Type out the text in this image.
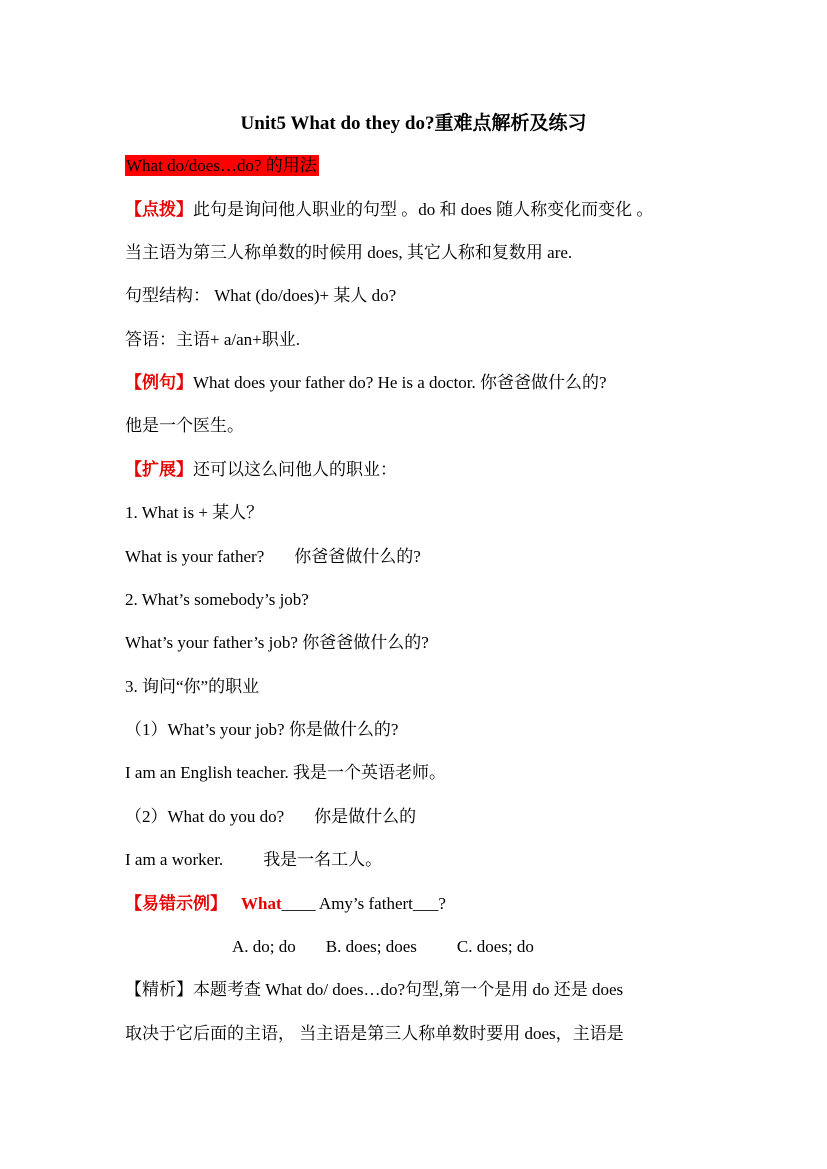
Unit5 What do they do?重难点解析及练习
What do/does…do? 的用法
【点拨】此句是询问他人职业的句型 。do 和 does 随人称变化而变化 。
当主语为第三人称单数的时候用 does, 其它人称和复数用 are.
句型结构： What (do/does)+ 某人 do?
答语：主语+ a/an+职业.
【例句】What does your father do? He is a doctor. 你爸爸做什么的?
他是一个医生。
【扩展】还可以这么问他人的职业：
1. What is + 某人？
What is your father? 你爸爸做什么的?
2. What’s somebody’s job?
What’s your father’s job? 你爸爸做什么的?
3. 询问“你”的职业
（1）What’s your job? 你是做什么的?
I am an English teacher. 我是一个英语老师。
（2）What do you do? 你是做什么的
I am a worker. 我是一名工人。
【易错示例】 What____ Amy’s fathert___?
A. do; do B. does; does C. does; do
【精析】本题考查 What do/ does…do?句型,第一个是用 do 还是 does
取决于它后面的主语， 当主语是第三人称单数时要用 does，主语是
